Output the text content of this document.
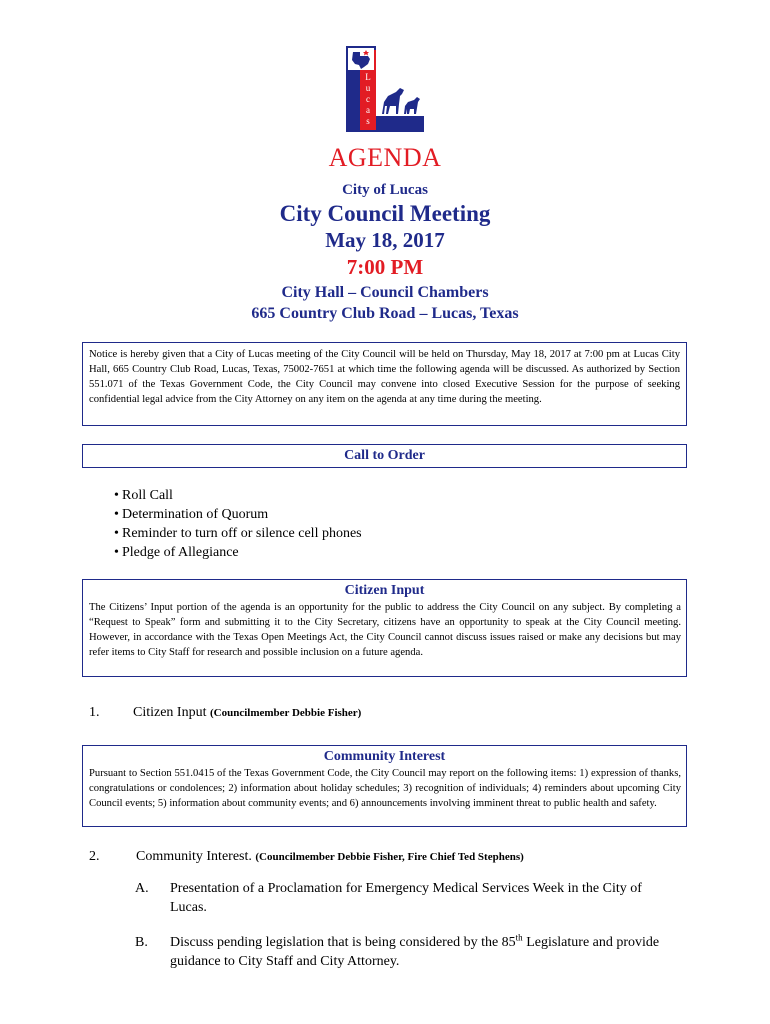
L
u
c
a
s
AGENDA
City of Lucas
City Council Meeting
May 18, 2017
7:00 PM
City Hall – Council Chambers
665 Country Club Road – Lucas, Texas
Notice is hereby given that a City of Lucas meeting of the City Council will be held on Thursday, May 18, 2017 at 7:00 pm at Lucas City Hall, 665 Country Club Road, Lucas, Texas, 75002-7651 at which time the following agenda will be discussed. As authorized by Section 551.071 of the Texas Government Code, the City Council may convene into closed Executive Session for the purpose of seeking confidential legal advice from the City Attorney on any item on the agenda at any time during the meeting.
Call to Order
Roll Call
Determination of Quorum
Reminder to turn off or silence cell phones
Pledge of Allegiance
Citizen Input
The Citizens’ Input portion of the agenda is an opportunity for the public to address the City Council on any subject. By completing a “Request to Speak” form and submitting it to the City Secretary, citizens have an opportunity to speak at the City Council meeting. However, in accordance with the Texas Open Meetings Act, the City Council cannot discuss issues raised or make any decisions but may refer items to City Staff for research and possible inclusion on a future agenda.
1. Citizen Input (Councilmember Debbie Fisher)
Community Interest
Pursuant to Section 551.0415 of the Texas Government Code, the City Council may report on the following items: 1) expression of thanks, congratulations or condolences; 2) information about holiday schedules; 3) recognition of individuals; 4) reminders about upcoming City Council events; 5) information about community events; and 6) announcements involving imminent threat to public health and safety.
2.	Community Interest. (Councilmember Debbie Fisher, Fire Chief Ted Stephens)
A. Presentation of a Proclamation for Emergency Medical Services Week in the City of Lucas.
B. Discuss pending legislation that is being considered by the 85th Legislature and provide guidance to City Staff and City Attorney.
